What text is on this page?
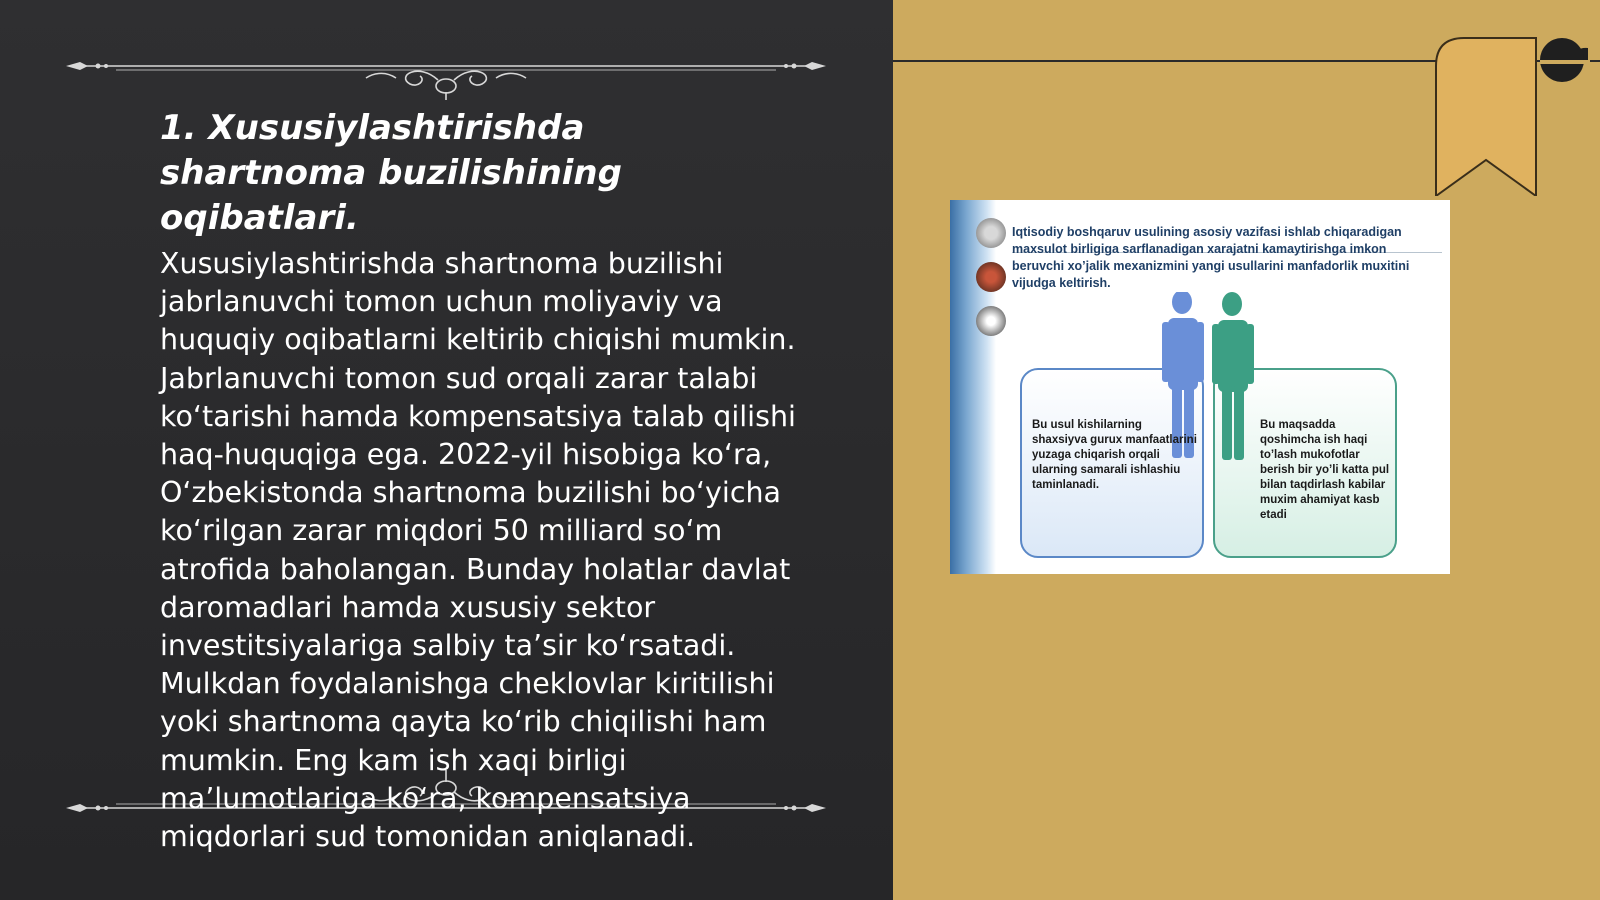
1. Xususiylashtirishda shartnoma buzilishining oqibatlari.

Xususiylashtirishda shartnoma buzilishi jabrlanuvchi tomon uchun moliyaviy va huquqiy oqibatlarni keltirib chiqishi mumkin. Jabrlanuvchi tomon sud orqali zarar talabi ko‘tarishi hamda kompensatsiya talab qilishi haq-huquqiga ega. 2022-yil hisobiga ko‘ra, O‘zbekistonda shartnoma buzilishi bo‘yicha ko‘rilgan zarar miqdori 50 milliard so‘m atrofida baholangan. Bunday holatlar davlat daromadlari hamda xususiy sektor investitsiyalariga salbiy ta’sir ko‘rsatadi. Mulkdan foydalanishga cheklovlar kiritilishi yoki shartnoma qayta ko‘rib chiqilishi ham mumkin. Eng kam ish xaqi birligi ma’lumotlariga ko‘ra, kompensatsiya miqdorlari sud tomonidan aniqlanadi.

Iqtisodiy boshqaruv usulining asosiy vazifasi ishlab chiqaradigan maxsulot birligiga sarflanadigan xarajatni kamaytirishga imkon beruvchi xo’jalik mexanizmini yangi usullarini manfadorlik muxitini vijudga keltirish.

Bu usul kishilarning shaxsiyva gurux manfaatlarini yuzaga chiqarish orqali ularning samarali ishlashiu taminlanadi.

Bu maqsadda qoshimcha ish haqi to’lash mukofotlar berish bir yo’li katta pul bilan taqdirlash kabilar muxim ahamiyat kasb etadi
